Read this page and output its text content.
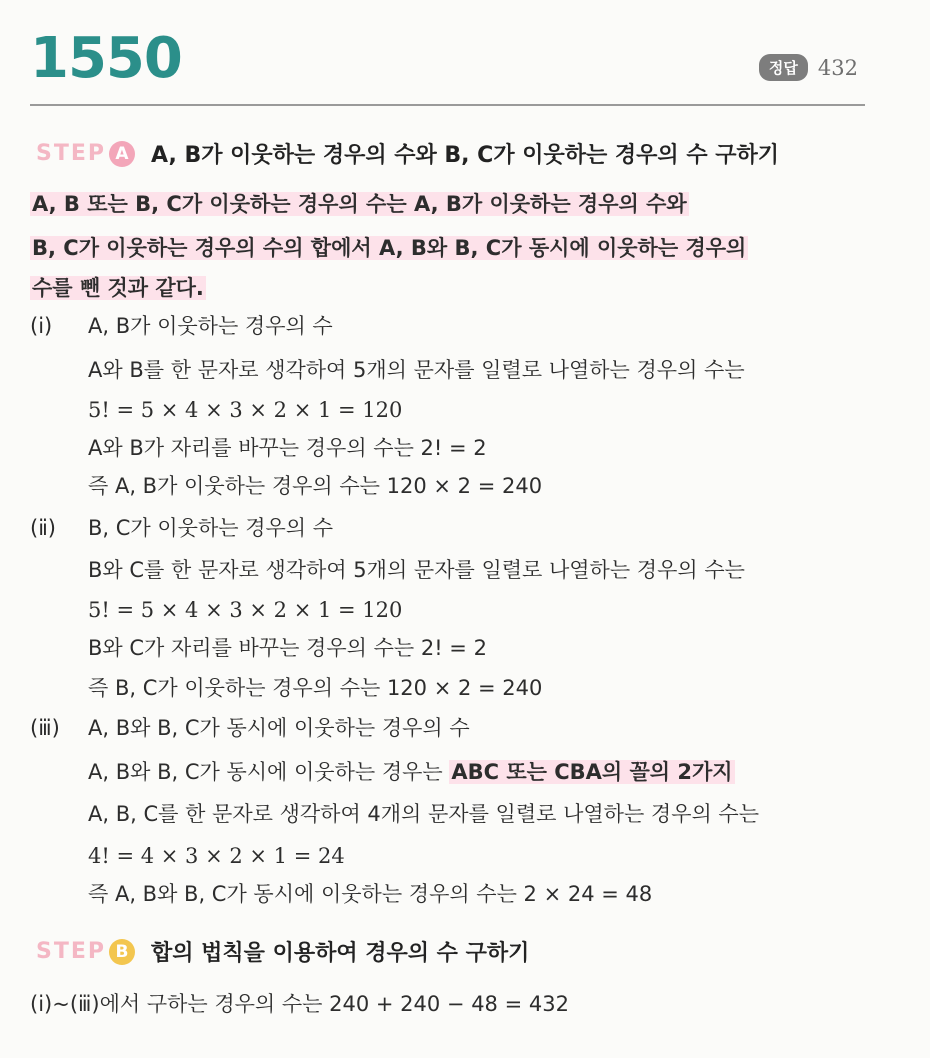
1550	정답 432
STEP A A, B가 이웃하는 경우의 수와 B, C가 이웃하는 경우의 수 구하기
A, B 또는 B, C가 이웃하는 경우의 수는 A, B가 이웃하는 경우의 수와
B, C가 이웃하는 경우의 수의 합에서 A, B와 B, C가 동시에 이웃하는 경우의
수를 뺀 것과 같다.
(ⅰ) A, B가 이웃하는 경우의 수
A와 B를 한 문자로 생각하여 5개의 문자를 일렬로 나열하는 경우의 수는
5! = 5 × 4 × 3 × 2 × 1 = 120
A와 B가 자리를 바꾸는 경우의 수는 2! = 2
즉 A, B가 이웃하는 경우의 수는 120 × 2 = 240
(ⅱ) B, C가 이웃하는 경우의 수
B와 C를 한 문자로 생각하여 5개의 문자를 일렬로 나열하는 경우의 수는
5! = 5 × 4 × 3 × 2 × 1 = 120
B와 C가 자리를 바꾸는 경우의 수는 2! = 2
즉 B, C가 이웃하는 경우의 수는 120 × 2 = 240
(ⅲ) A, B와 B, C가 동시에 이웃하는 경우의 수
A, B와 B, C가 동시에 이웃하는 경우는 ABC 또는 CBA의 꼴의 2가지
A, B, C를 한 문자로 생각하여 4개의 문자를 일렬로 나열하는 경우의 수는
4! = 4 × 3 × 2 × 1 = 24
즉 A, B와 B, C가 동시에 이웃하는 경우의 수는 2 × 24 = 48
STEP B 합의 법칙을 이용하여 경우의 수 구하기
(ⅰ)~(ⅲ)에서 구하는 경우의 수는 240 + 240 − 48 = 432
